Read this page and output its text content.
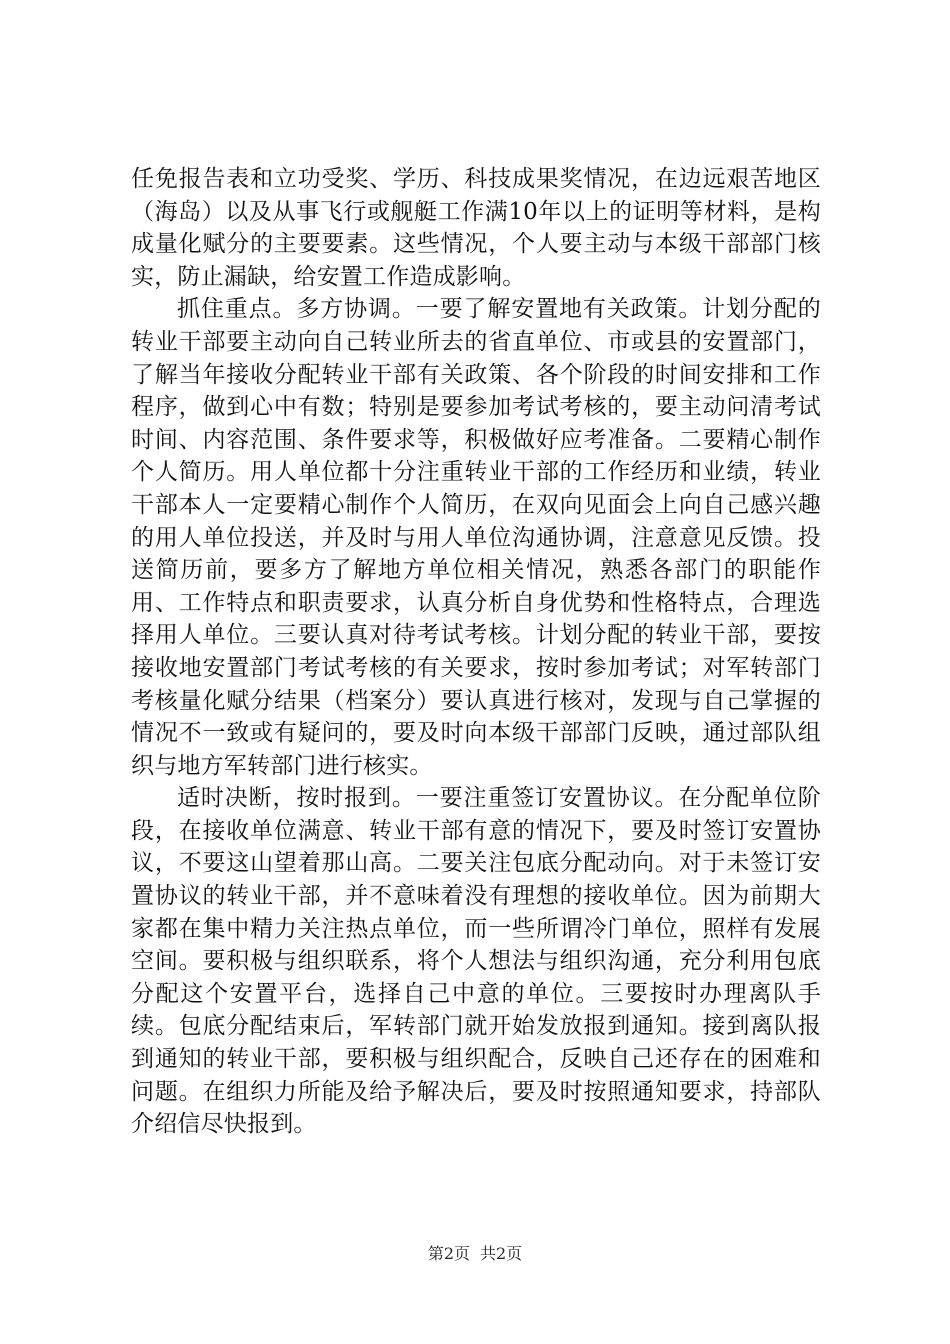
任免报告表和立功受奖、学历、科技成果奖情况，在边远艰苦地区（海岛）以及从事飞行或舰艇工作满10年以上的证明等材料，是构成量化赋分的主要要素。这些情况，个人要主动与本级干部部门核实，防止漏缺，给安置工作造成影响。

抓住重点。多方协调。一要了解安置地有关政策。计划分配的转业干部要主动向自己转业所去的省直单位、市或县的安置部门，了解当年接收分配转业干部有关政策、各个阶段的时间安排和工作程序，做到心中有数；特别是要参加考试考核的，要主动问清考试时间、内容范围、条件要求等，积极做好应考准备。二要精心制作个人简历。用人单位都十分注重转业干部的工作经历和业绩，转业干部本人一定要精心制作个人简历，在双向见面会上向自己感兴趣的用人单位投送，并及时与用人单位沟通协调，注意意见反馈。投送简历前，要多方了解地方单位相关情况，熟悉各部门的职能作用、工作特点和职责要求，认真分析自身优势和性格特点，合理选择用人单位。三要认真对待考试考核。计划分配的转业干部，要按接收地安置部门考试考核的有关要求，按时参加考试；对军转部门考核量化赋分结果（档案分）要认真进行核对，发现与自己掌握的情况不一致或有疑问的，要及时向本级干部部门反映，通过部队组织与地方军转部门进行核实。

适时决断，按时报到。一要注重签订安置协议。在分配单位阶段，在接收单位满意、转业干部有意的情况下，要及时签订安置协议，不要这山望着那山高。二要关注包底分配动向。对于未签订安置协议的转业干部，并不意味着没有理想的接收单位。因为前期大家都在集中精力关注热点单位，而一些所谓冷门单位，照样有发展空间。要积极与组织联系，将个人想法与组织沟通，充分利用包底分配这个安置平台，选择自己中意的单位。三要按时办理离队手续。包底分配结束后，军转部门就开始发放报到通知。接到离队报到通知的转业干部，要积极与组织配合，反映自己还存在的困难和问题。在组织力所能及给予解决后，要及时按照通知要求，持部队介绍信尽快报到。

第2页 共2页
